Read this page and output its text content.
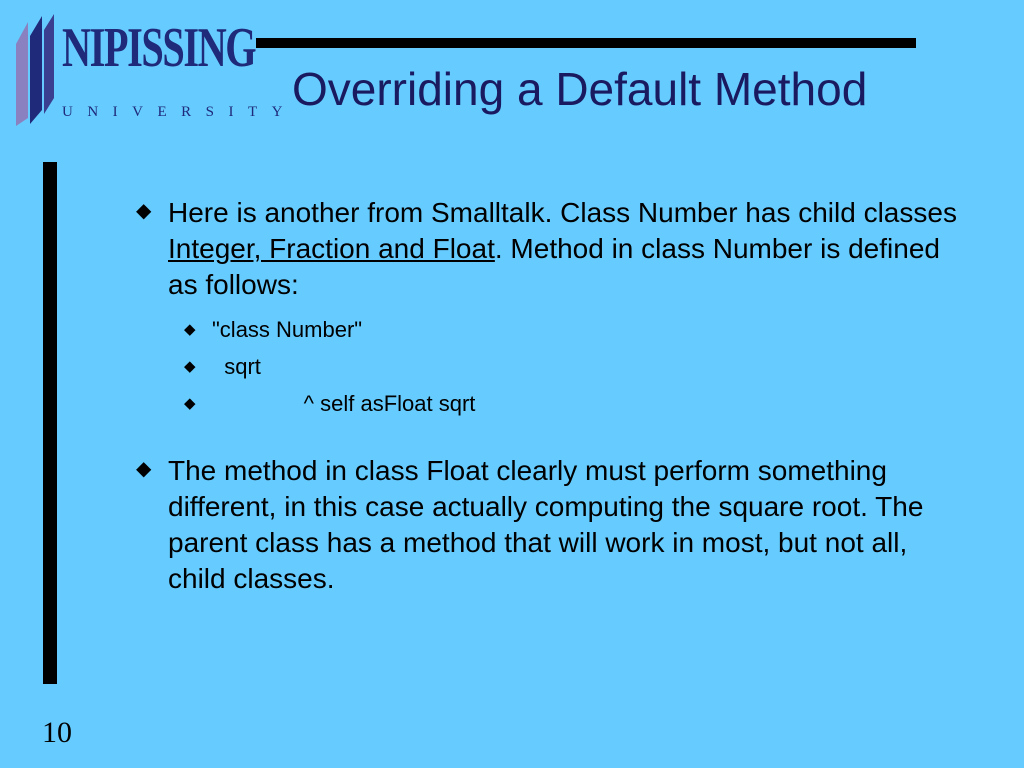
NIPISSING
UNIVERSITY
Overriding a Default Method
◆ Here is another from Smalltalk. Class Number has child classes Integer, Fraction and Float. Method in class Number is defined as follows:
◆ "class Number"
◆ sqrt
◆ ^ self asFloat sqrt
◆ The method in class Float clearly must perform something different, in this case actually computing the square root. The parent class has a method that will work in most, but not all, child classes.
10
